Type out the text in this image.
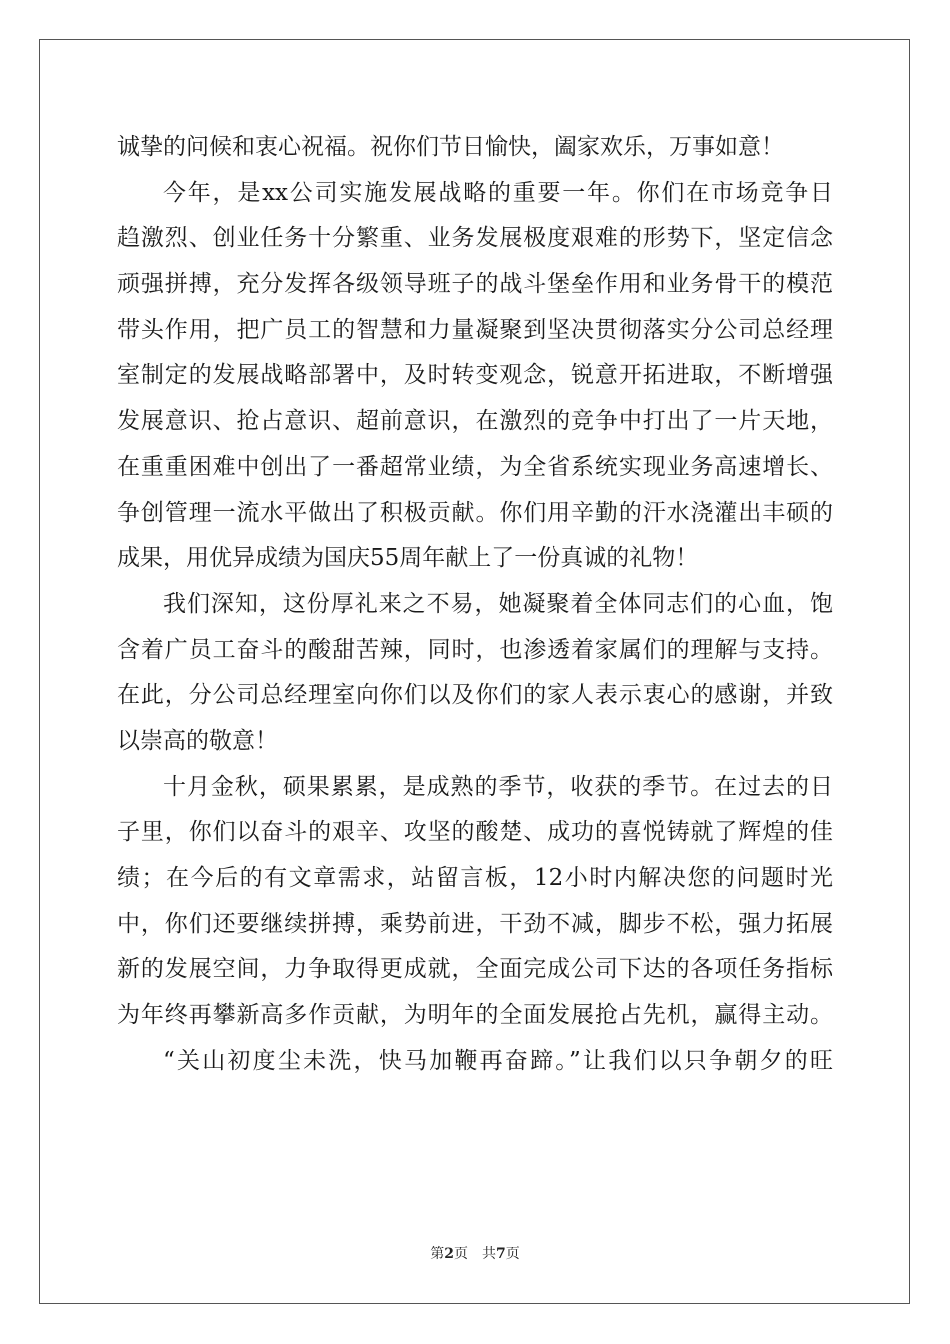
诚挚的问候和衷心祝福。祝你们节日愉快，阖家欢乐，万事如意！
今年，是xx公司实施发展战略的重要一年。你们在市场竞争日
趋激烈、创业任务十分繁重、业务发展极度艰难的形势下，坚定信念
顽强拼搏，充分发挥各级领导班子的战斗堡垒作用和业务骨干的模范
带头作用，把广员工的智慧和力量凝聚到坚决贯彻落实分公司总经理
室制定的发展战略部署中，及时转变观念，锐意开拓进取，不断增强
发展意识、抢占意识、超前意识，在激烈的竞争中打出了一片天地，
在重重困难中创出了一番超常业绩，为全省系统实现业务高速增长、
争创管理一流水平做出了积极贡献。你们用辛勤的汗水浇灌出丰硕的
成果，用优异成绩为国庆55周年献上了一份真诚的礼物！
我们深知，这份厚礼来之不易，她凝聚着全体同志们的心血，饱
含着广员工奋斗的酸甜苦辣，同时，也渗透着家属们的理解与支持。
在此，分公司总经理室向你们以及你们的家人表示衷心的感谢，并致
以崇高的敬意！
十月金秋，硕果累累，是成熟的季节，收获的季节。在过去的日
子里，你们以奋斗的艰辛、攻坚的酸楚、成功的喜悦铸就了辉煌的佳
绩；在今后的有文章需求，站留言板，12小时内解决您的问题时光
中，你们还要继续拼搏，乘势前进，干劲不减，脚步不松，强力拓展
新的发展空间，力争取得更成就，全面完成公司下达的各项任务指标
为年终再攀新高多作贡献，为明年的全面发展抢占先机，赢得主动。
“关山初度尘未洗，快马加鞭再奋蹄。”让我们以只争朝夕的旺
第2页 共7页
